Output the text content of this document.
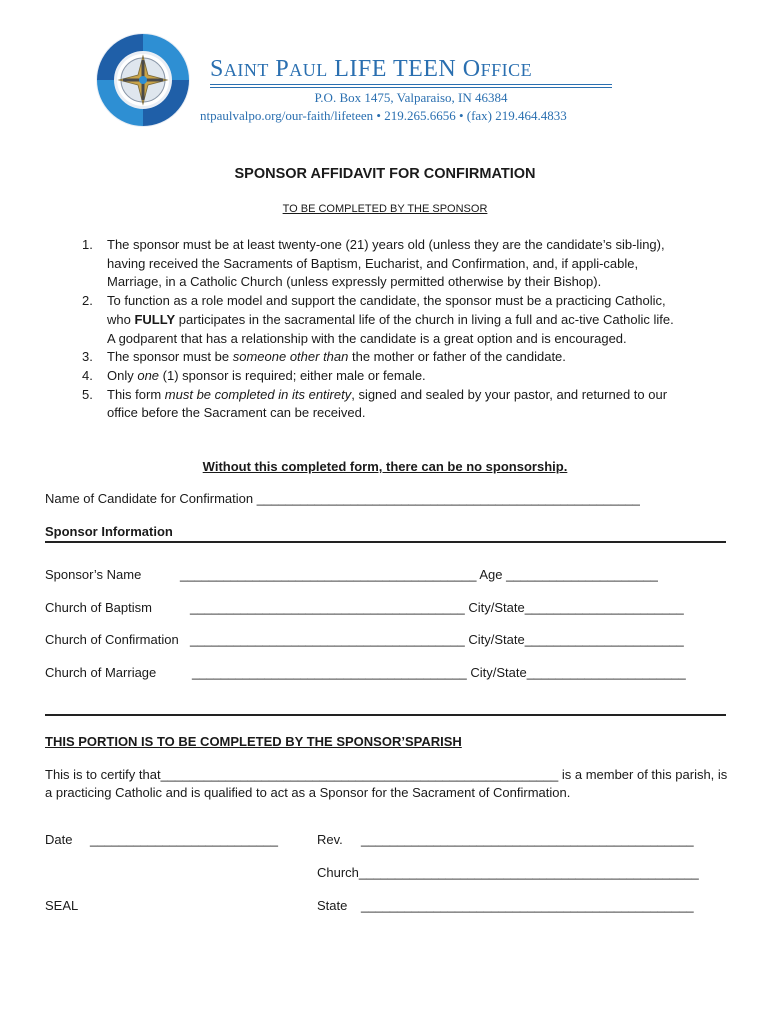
SAINT PAUL LIFE TEEN OFFICE
P.O. Box 1475, Valparaiso, IN 46384
ntpaulvalpo.org/our-faith/lifeteen • 219.265.6656 • (fax) 219.464.4833
SPONSOR AFFIDAVIT FOR CONFIRMATION
TO BE COMPLETED BY THE SPONSOR
1.	The sponsor must be at least twenty-one (21) years old (unless they are the candidate’s sib-ling), having received the Sacraments of Baptism, Eucharist, and Confirmation, and, if appli-cable, Marriage, in a Catholic Church (unless expressly permitted otherwise by their Bishop).
2.	To function as a role model and support the candidate, the sponsor must be a practicing Catholic, who FULLY participates in the sacramental life of the church in living a full and ac-tive Catholic life. A godparent that has a relationship with the candidate is a great option and is encouraged.
3.	The sponsor must be someone other than the mother or father of the candidate.
4.	Only one (1) sponsor is required; either male or female.
5.	This form must be completed in its entirety, signed and sealed by your pastor, and returned to our office before the Sacrament can be received.
Without this completed form, there can be no sponsorship.
Name of Candidate for Confirmation _____________________________________________________
Sponsor Information
Sponsor’s Name	_________________________________________ Age _____________________
Church of Baptism	______________________________________ City/State______________________
Church of Confirmation ______________________________________ City/State______________________
Church of Marriage	______________________________________ City/State______________________
THIS PORTION IS TO BE COMPLETED BY THE SPONSOR’SPARISH
This is to certify that_______________________________________________________ is a member of this parish, is a practicing Catholic and is qualified to act as a Sponsor for the Sacrament of Confirmation.
Date __________________________	Rev. ______________________________________________
Church_______________________________________________
SEAL	State ______________________________________________
